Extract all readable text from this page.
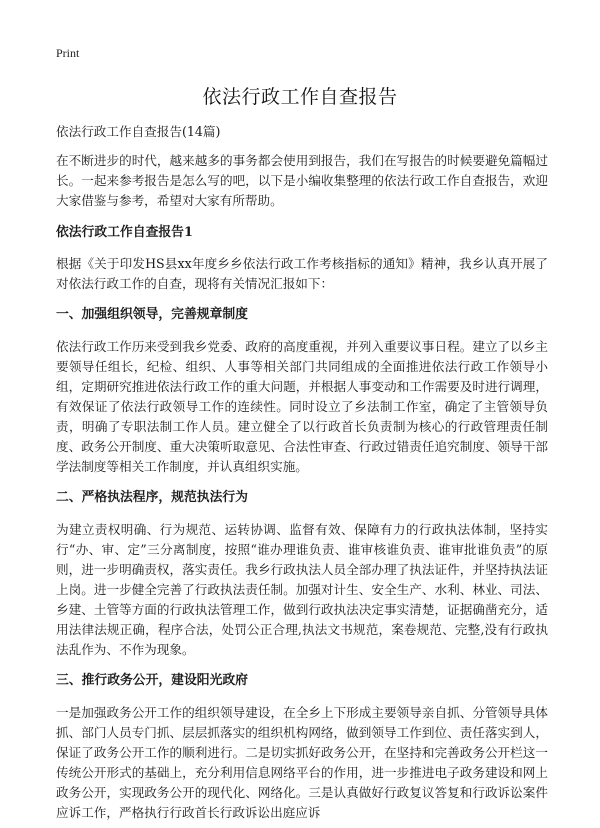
Print
依法行政工作自查报告

依法行政工作自查报告(14篇)

在不断进步的时代，越来越多的事务都会使用到报告，我们在写报告的时候要避免篇幅过长。一起来参考报告是怎么写的吧，以下是小编收集整理的依法行政工作自查报告，欢迎大家借鉴与参考，希望对大家有所帮助。

依法行政工作自查报告1

根据《关于印发HS县xx年度乡乡依法行政工作考核指标的通知》精神，我乡认真开展了对依法行政工作的自查，现将有关情况汇报如下：

一、加强组织领导，完善规章制度

依法行政工作历来受到我乡党委、政府的高度重视，并列入重要议事日程。建立了以乡主要领导任组长，纪检、组织、人事等相关部门共同组成的全面推进依法行政工作领导小组，定期研究推进依法行政工作的重大问题，并根据人事变动和工作需要及时进行调理，有效保证了依法行政领导工作的连续性。同时设立了乡法制工作室，确定了主管领导负责，明确了专职法制工作人员。建立健全了以行政首长负责制为核心的行政管理责任制度、政务公开制度、重大决策听取意见、合法性审查、行政过错责任追究制度、领导干部学法制度等相关工作制度，并认真组织实施。

二、严格执法程序，规范执法行为

为建立责权明确、行为规范、运转协调、监督有效、保障有力的行政执法体制，坚持实行“办、审、定”三分离制度，按照“谁办理谁负责、谁审核谁负责、谁审批谁负责”的原则，进一步明确责权，落实责任。我乡行政执法人员全部办理了执法证件，并坚持执法证上岗。进一步健全完善了行政执法责任制。加强对计生、安全生产、水利、林业、司法、乡建、土管等方面的行政执法管理工作，做到行政执法决定事实清楚，证据确凿充分，适用法律法规正确，程序合法，处罚公正合理,执法文书规范，案卷规范、完整,没有行政执法乱作为、不作为现象。

三、推行政务公开，建设阳光政府

一是加强政务公开工作的组织领导建设，在全乡上下形成主要领导亲自抓、分管领导具体抓、部门人员专门抓、层层抓落实的组织机构网络，做到领导工作到位、责任落实到人，保证了政务公开工作的顺利进行。二是切实抓好政务公开，在坚持和完善政务公开栏这一传统公开形式的基础上，充分利用信息网络平台的作用，进一步推进电子政务建设和网上政务公开，实现政务公开的现代化、网络化。三是认真做好行政复议答复和行政诉讼案件应诉工作，严格执行行政首长行政诉讼出庭应诉
